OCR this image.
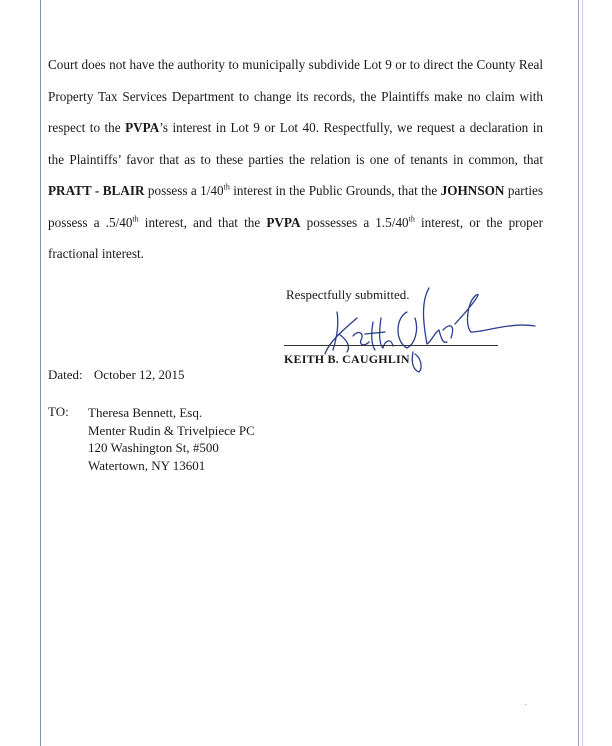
Court does not have the authority to municipally subdivide Lot 9 or to direct the County Real Property Tax Services Department to change its records, the Plaintiffs make no claim with respect to the PVPA’s interest in Lot 9 or Lot 40. Respectfully, we request a declaration in the Plaintiffs’ favor that as to these parties the relation is one of tenants in common, that PRATT - BLAIR possess a 1/40th interest in the Public Grounds, that the JOHNSON parties possess a .5/40th interest, and that the PVPA possesses a 1.5/40th interest, or the proper fractional interest.

Respectfully submitted.
KEITH B. CAUGHLIN
Dated: October 12, 2015
TO: Theresa Bennett, Esq.
Menter Rudin & Trivelpiece PC
120 Washington St, #500
Watertown, NY 13601
·
